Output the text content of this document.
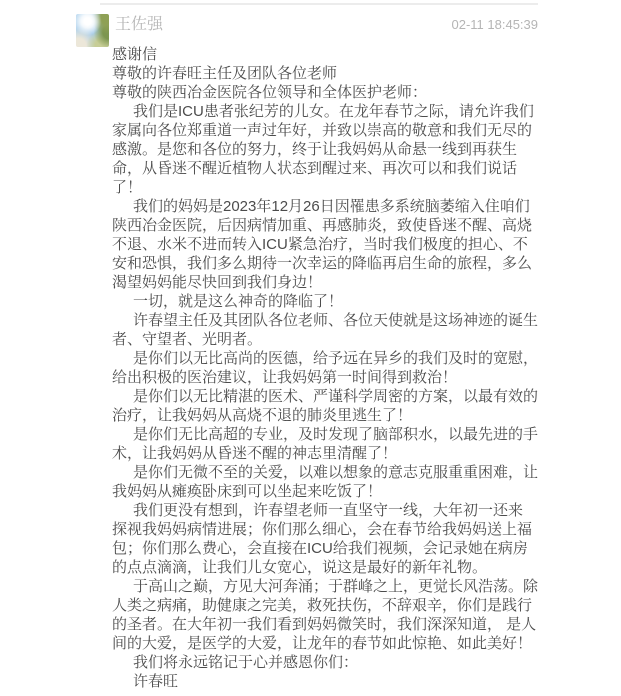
王佐强	02-11 18:45:39
感谢信
尊敬的许春旺主任及团队各位老师
尊敬的陕西冶金医院各位领导和全体医护老师：
我们是ICU患者张纪芳的儿女。在龙年春节之际，请允许我们
家属向各位郑重道一声过年好，并致以崇高的敬意和我们无尽的
感激。是您和各位的努力，终于让我妈妈从命悬一线到再获生
命，从昏迷不醒近植物人状态到醒过来、再次可以和我们说话
了！
我们的妈妈是2023年12月26日因罹患多系统脑萎缩入住咱们
陕西冶金医院，后因病情加重、再感肺炎，致使昏迷不醒、高烧
不退、水米不进而转入ICU紧急治疗，当时我们极度的担心、不
安和恐惧，我们多么期待一次幸运的降临再启生命的旅程，多么
渴望妈妈能尽快回到我们身边！
一切，就是这么神奇的降临了！
许春望主任及其团队各位老师、各位天使就是这场神迹的诞生
者、守望者、光明者。
是你们以无比高尚的医德，给予远在异乡的我们及时的宽慰，
给出积极的医治建议，让我妈妈第一时间得到救治！
是你们以无比精湛的医术、严谨科学周密的方案，以最有效的
治疗，让我妈妈从高烧不退的肺炎里逃生了！
是你们无比高超的专业，及时发现了脑部积水，以最先进的手
术，让我妈妈从昏迷不醒的神志里清醒了！
是你们无微不至的关爱，以难以想象的意志克服重重困难，让
我妈妈从瘫痪卧床到可以坐起来吃饭了！
我们更没有想到，许春望老师一直坚守一线，大年初一还来
探视我妈妈病情进展；你们那么细心，会在春节给我妈妈送上福
包；你们那么费心，会直接在ICU给我们视频，会记录她在病房
的点点滴滴，让我们儿女宽心，说这是最好的新年礼物。
于高山之巅，方见大河奔涌；于群峰之上，更觉长风浩荡。除
人类之病痛，助健康之完美，救死扶伤，不辞艰辛，你们是践行
的圣者。在大年初一我们看到妈妈微笑时，我们深深知道， 是人
间的大爱，是医学的大爱，让龙年的春节如此惊艳、如此美好！
我们将永远铭记于心并感恩你们：
许春旺
